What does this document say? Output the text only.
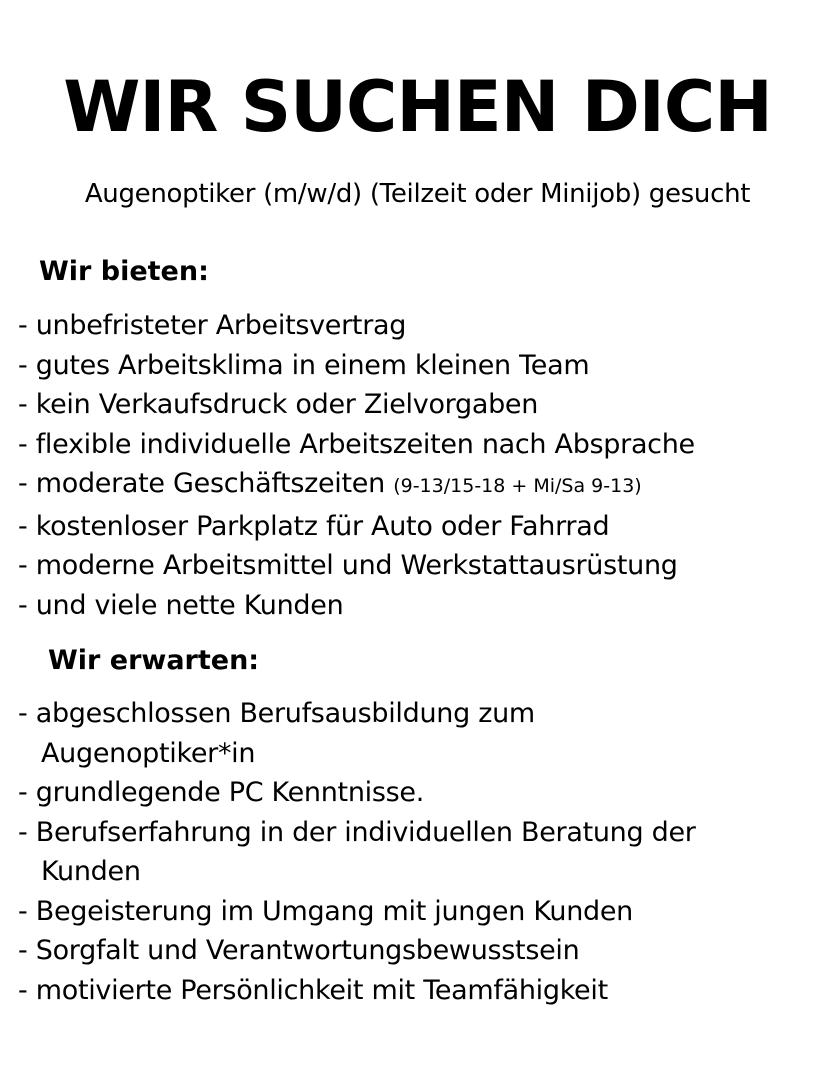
WIR SUCHEN DICH
Augenoptiker (m/w/d) (Teilzeit oder Minijob) gesucht
Wir bieten:
- unbefristeter Arbeitsvertrag
- gutes Arbeitsklima in einem kleinen Team
- kein Verkaufsdruck oder Zielvorgaben
- flexible individuelle Arbeitszeiten nach Absprache
- moderate Geschäftszeiten (9-13/15-18 + Mi/Sa 9-13)
- kostenloser Parkplatz für Auto oder Fahrrad
- moderne Arbeitsmittel und Werkstattausrüstung
- und viele nette Kunden
Wir erwarten:
- abgeschlossen Berufsausbildung zum Augenoptiker*in
- grundlegende PC Kenntnisse.
- Berufserfahrung in der individuellen Beratung der Kunden
- Begeisterung im Umgang mit jungen Kunden
- Sorgfalt und Verantwortungsbewusstsein
- motivierte Persönlichkeit mit Teamfähigkeit
